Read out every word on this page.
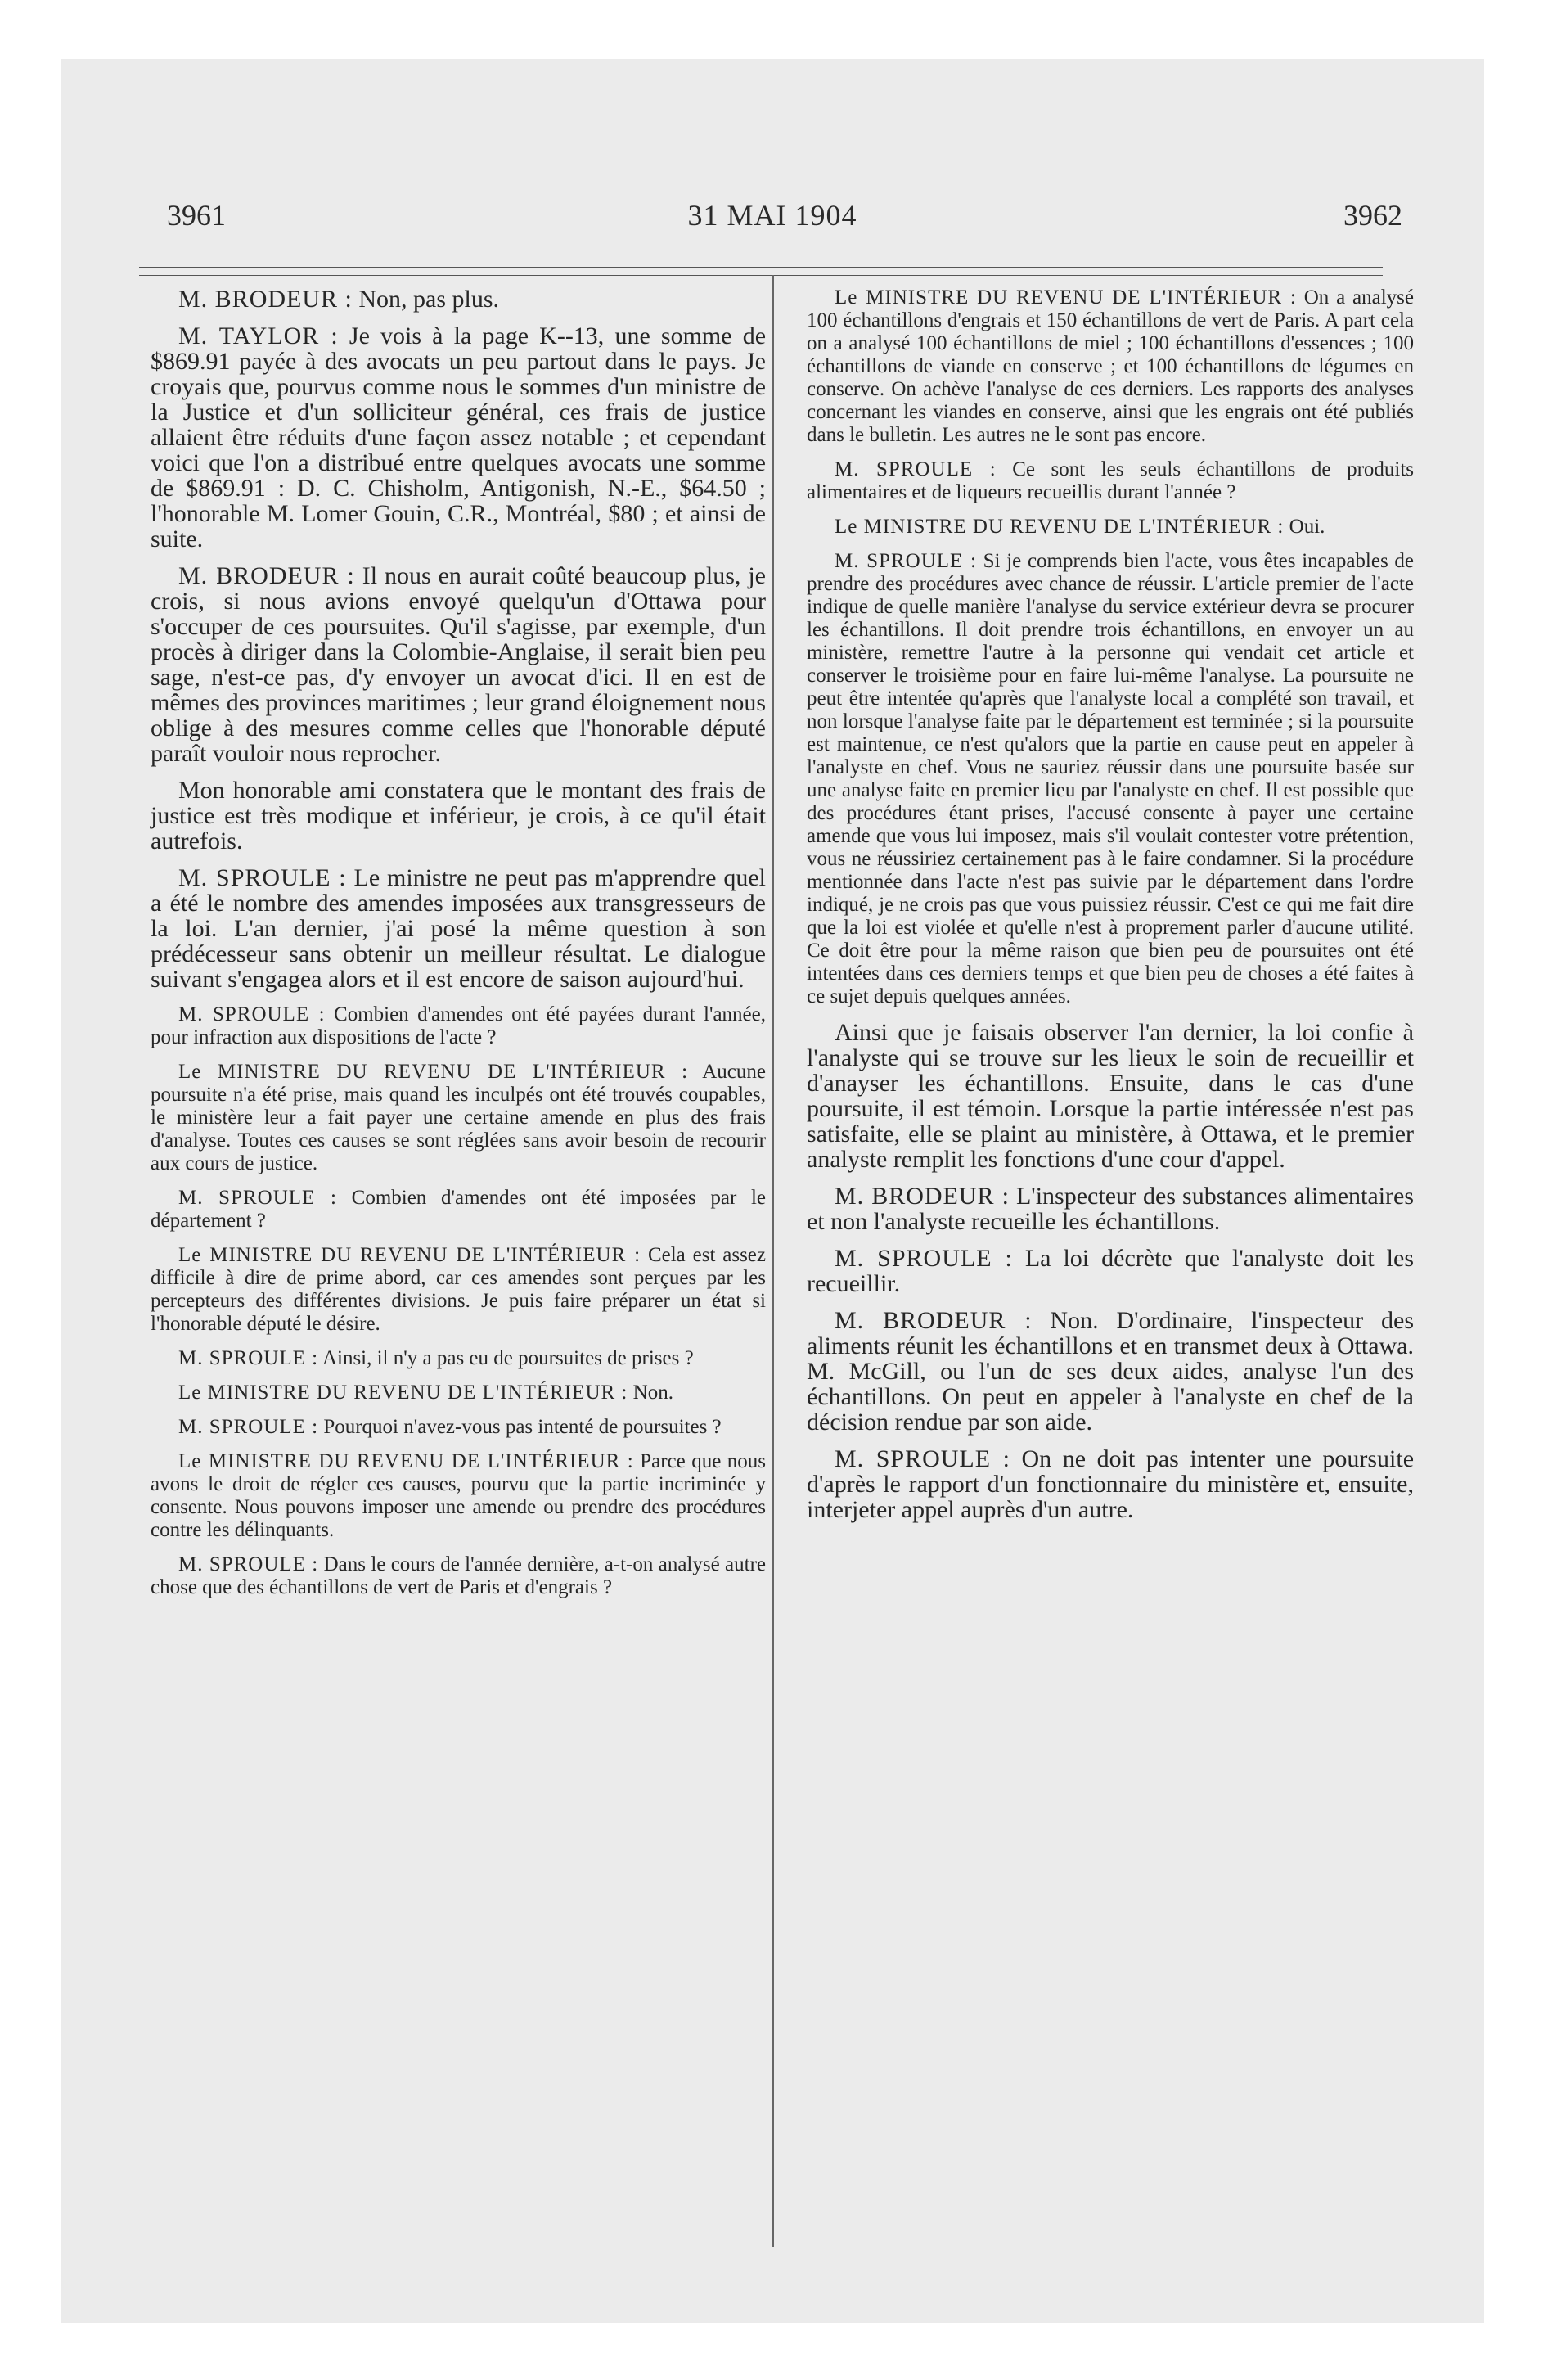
3961	31 MAI 1904	3962

M. BRODEUR : Non, pas plus.

M. TAYLOR : Je vois à la page K--13, une somme de $869.91 payée à des avocats un peu partout dans le pays. Je croyais que, pourvus comme nous le sommes d'un ministre de la Justice et d'un solliciteur général, ces frais de justice allaient être réduits d'une façon assez notable ; et cependant voici que l'on a distribué entre quelques avocats une somme de $869.91 : D. C. Chisholm, Antigonish, N.-E., $64.50 ; l'honorable M. Lomer Gouin, C.R., Montréal, $80 ; et ainsi de suite.

M. BRODEUR : Il nous en aurait coûté beaucoup plus, je crois, si nous avions envoyé quelqu'un d'Ottawa pour s'occuper de ces poursuites. Qu'il s'agisse, par exemple, d'un procès à diriger dans la Colombie-Anglaise, il serait bien peu sage, n'est-ce pas, d'y envoyer un avocat d'ici. Il en est de mêmes des provinces maritimes ; leur grand éloignement nous oblige à des mesures comme celles que l'honorable député paraît vouloir nous reprocher.

Mon honorable ami constatera que le montant des frais de justice est très modique et inférieur, je crois, à ce qu'il était autrefois.

M. SPROULE : Le ministre ne peut pas m'apprendre quel a été le nombre des amendes imposées aux transgresseurs de la loi. L'an dernier, j'ai posé la même question à son prédécesseur sans obtenir un meilleur résultat. Le dialogue suivant s'engagea alors et il est encore de saison aujourd'hui.

M. SPROULE : Combien d'amendes ont été payées durant l'année, pour infraction aux dispositions de l'acte ?

Le MINISTRE DU REVENU DE L'INTÉRIEUR : Aucune poursuite n'a été prise, mais quand les inculpés ont été trouvés coupables, le ministère leur a fait payer une certaine amende en plus des frais d'analyse. Toutes ces causes se sont réglées sans avoir besoin de recourir aux cours de justice.

M. SPROULE : Combien d'amendes ont été imposées par le département ?

Le MINISTRE DU REVENU DE L'INTÉRIEUR : Cela est assez difficile à dire de prime abord, car ces amendes sont perçues par les percepteurs des différentes divisions. Je puis faire préparer un état si l'honorable député le désire.

M. SPROULE : Ainsi, il n'y a pas eu de poursuites de prises ?

Le MINISTRE DU REVENU DE L'INTÉRIEUR : Non.

M. SPROULE : Pourquoi n'avez-vous pas intenté de poursuites ?

Le MINISTRE DU REVENU DE L'INTÉRIEUR : Parce que nous avons le droit de régler ces causes, pourvu que la partie incriminée y consente. Nous pouvons imposer une amende ou prendre des procédures contre les délinquants.

M. SPROULE : Dans le cours de l'année dernière, a-t-on analysé autre chose que des échantillons de vert de Paris et d'engrais ?

Le MINISTRE DU REVENU DE L'INTÉRIEUR : On a analysé 100 échantillons d'engrais et 150 échantillons de vert de Paris. A part cela on a analysé 100 échantillons de miel ; 100 échantillons d'essences ; 100 échantillons de viande en conserve ; et 100 échantillons de légumes en conserve. On achève l'analyse de ces derniers. Les rapports des analyses concernant les viandes en conserve, ainsi que les engrais ont été publiés dans le bulletin. Les autres ne le sont pas encore.

M. SPROULE : Ce sont les seuls échantillons de produits alimentaires et de liqueurs recueillis durant l'année ?

Le MINISTRE DU REVENU DE L'INTÉRIEUR : Oui.

M. SPROULE : Si je comprends bien l'acte, vous êtes incapables de prendre des procédures avec chance de réussir. L'article premier de l'acte indique de quelle manière l'analyse du service extérieur devra se procurer les échantillons. Il doit prendre trois échantillons, en envoyer un au ministère, remettre l'autre à la personne qui vendait cet article et conserver le troisième pour en faire lui-même l'analyse. La poursuite ne peut être intentée qu'après que l'analyste local a complété son travail, et non lorsque l'analyse faite par le département est terminée ; si la poursuite est maintenue, ce n'est qu'alors que la partie en cause peut en appeler à l'analyste en chef. Vous ne sauriez réussir dans une poursuite basée sur une analyse faite en premier lieu par l'analyste en chef. Il est possible que des procédures étant prises, l'accusé consente à payer une certaine amende que vous lui imposez, mais s'il voulait contester votre prétention, vous ne réussiriez certainement pas à le faire condamner. Si la procédure mentionnée dans l'acte n'est pas suivie par le département dans l'ordre indiqué, je ne crois pas que vous puissiez réussir. C'est ce qui me fait dire que la loi est violée et qu'elle n'est à proprement parler d'aucune utilité. Ce doit être pour la même raison que bien peu de poursuites ont été intentées dans ces derniers temps et que bien peu de choses a été faites à ce sujet depuis quelques années.

Ainsi que je faisais observer l'an dernier, la loi confie à l'analyste qui se trouve sur les lieux le soin de recueillir et d'anayser les échantillons. Ensuite, dans le cas d'une poursuite, il est témoin. Lorsque la partie intéressée n'est pas satisfaite, elle se plaint au ministère, à Ottawa, et le premier analyste remplit les fonctions d'une cour d'appel.

M. BRODEUR : L'inspecteur des substances alimentaires et non l'analyste recueille les échantillons.

M. SPROULE : La loi décrète que l'analyste doit les recueillir.

M. BRODEUR : Non. D'ordinaire, l'inspecteur des aliments réunit les échantillons et en transmet deux à Ottawa. M. McGill, ou l'un de ses deux aides, analyse l'un des échantillons. On peut en appeler à l'analyste en chef de la décision rendue par son aide.

M. SPROULE : On ne doit pas intenter une poursuite d'après le rapport d'un fonctionnaire du ministère et, ensuite, interjeter appel auprès d'un autre.
